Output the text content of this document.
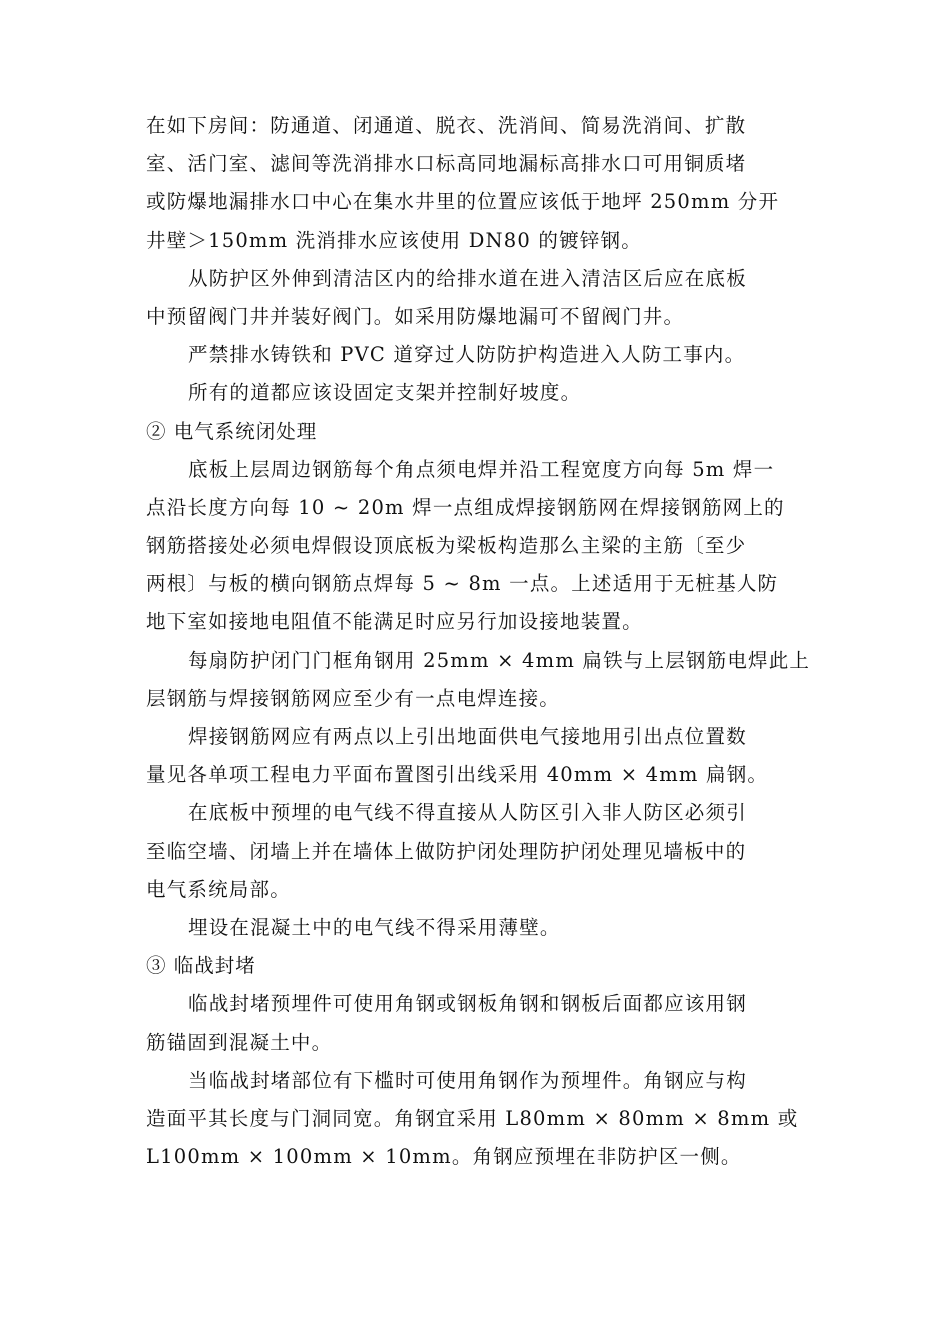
在如下房间：防通道、闭通道、脱衣、洗消间、简易洗消间、扩散
室、活门室、滤间等洗消排水口标高同地漏标高排水口可用铜质堵
或防爆地漏排水口中心在集水井里的位置应该低于地坪 250mm 分开
井壁＞150mm 洗消排水应该使用 DN80 的镀锌钢。
从防护区外伸到清洁区内的给排水道在进入清洁区后应在底板
中预留阀门井并装好阀门。如采用防爆地漏可不留阀门井。
严禁排水铸铁和 PVC 道穿过人防防护构造进入人防工事内。
所有的道都应该设固定支架并控制好坡度。
② 电气系统闭处理
底板上层周边钢筋每个角点须电焊并沿工程宽度方向每 5m 焊一
点沿长度方向每 10 ~ 20m 焊一点组成焊接钢筋网在焊接钢筋网上的
钢筋搭接处必须电焊假设顶底板为梁板构造那么主梁的主筋〔至少
两根〕与板的横向钢筋点焊每 5 ~ 8m 一点。上述适用于无桩基人防
地下室如接地电阻值不能满足时应另行加设接地装置。
每扇防护闭门门框角钢用 25mm × 4mm 扁铁与上层钢筋电焊此上
层钢筋与焊接钢筋网应至少有一点电焊连接。
焊接钢筋网应有两点以上引出地面供电气接地用引出点位置数
量见各单项工程电力平面布置图引出线采用 40mm × 4mm 扁钢。
在底板中预埋的电气线不得直接从人防区引入非人防区必须引
至临空墙、闭墙上并在墙体上做防护闭处理防护闭处理见墙板中的
电气系统局部。
埋设在混凝土中的电气线不得采用薄壁。
③ 临战封堵
临战封堵预埋件可使用角钢或钢板角钢和钢板后面都应该用钢
筋锚固到混凝土中。
当临战封堵部位有下槛时可使用角钢作为预埋件。角钢应与构
造面平其长度与门洞同宽。角钢宜采用 L80mm × 80mm × 8mm 或
L100mm × 100mm × 10mm。角钢应预埋在非防护区一侧。
